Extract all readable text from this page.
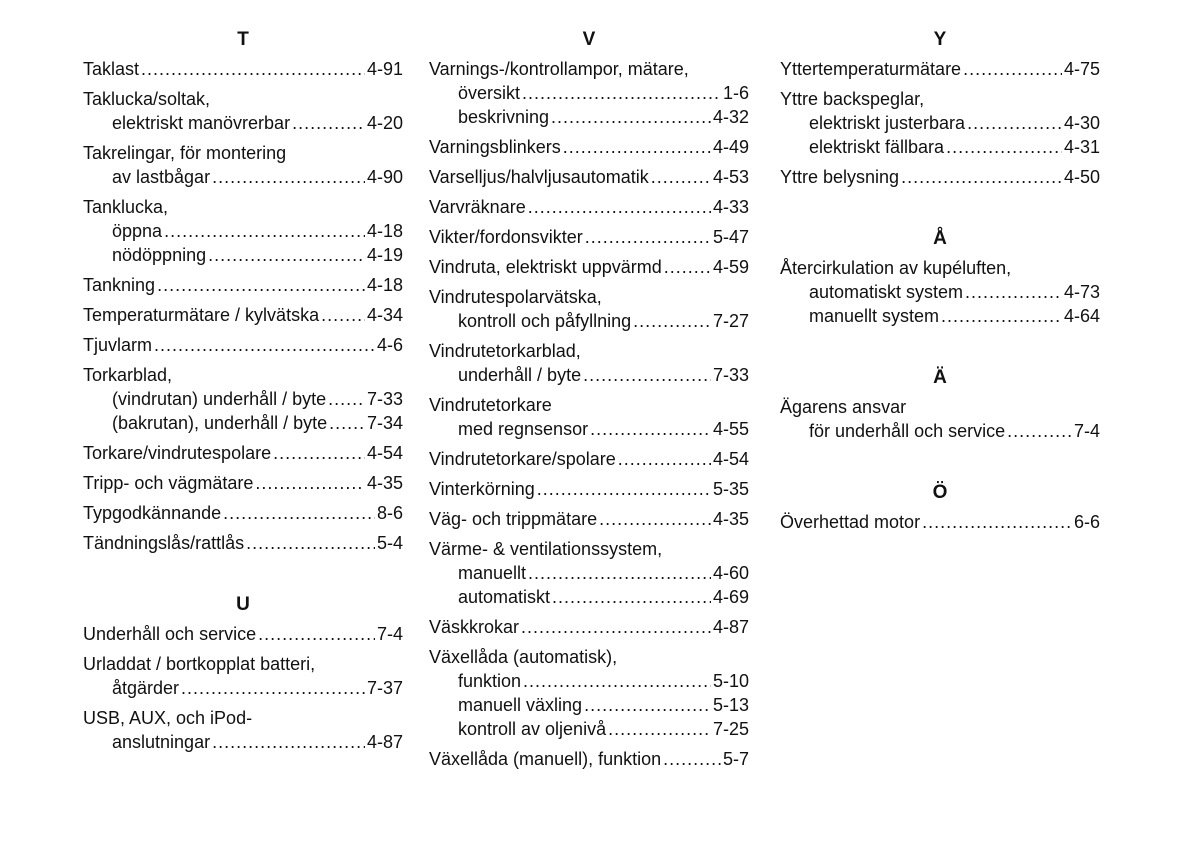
T
Taklast .....	4-91
Taklucka/soltak,
elektriskt manövrerbar .....	4-20
Takrelingar, för montering
av lastbågar .....	4-90
Tanklucka,
öppna .....	4-18
nödöppning .....	4-19
Tankning .....	4-18
Temperaturmätare / kylvätska .....	4-34
Tjuvlarm .....	4-6
Torkarblad,
(vindrutan) underhåll / byte ..... 7-33
(bakrutan), underhåll / byte ..... 7-34
Torkare/vindrutespolare .....	4-54
Tripp- och vägmätare .....	4-35
Typgodkännande .....	8-6
Tändningslås/rattlås .....	5-4
U
Underhåll och service .....	7-4
Urladdat / bortkopplat batteri,
åtgärder .....	7-37
USB, AUX, och iPod-
anslutningar .....	4-87
V
Varnings-/kontrollampor, mätare,
översikt .....	1-6
beskrivning .....	4-32
Varningsblinkers .....	4-49
Varselljus/halvljusautomatik .....	4-53
Varvräknare .....	4-33
Vikter/fordonsvikter .....	5-47
Vindruta, elektriskt uppvärmd .....	4-59
Vindrutespolarvätska,
kontroll och påfyllning .....	7-27
Vindrutetorkarblad,
underhåll / byte .....	7-33
Vindrutetorkare
med regnsensor .....	4-55
Vindrutetorkare/spolare .....	4-54
Vinterkörning .....	5-35
Väg- och trippmätare .....	4-35
Värme- & ventilationssystem,
manuellt .....	4-60
automatiskt .....	4-69
Väskkrokar .....	4-87
Växellåda (automatisk),
funktion .....	5-10
manuell växling .....	5-13
kontroll av oljenivå .....	7-25
Växellåda (manuell), funktion .....	5-7
Y
Yttertemperaturmätare .....	4-75
Yttre backspeglar,
elektriskt justerbara .....	4-30
elektriskt fällbara .....	4-31
Yttre belysning .....	4-50
Å
Återcirkulation av kupéluften,
automatiskt system .....	4-73
manuellt system .....	4-64
Ä
Ägarens ansvar
för underhåll och service .....	7-4
Ö
Överhettad motor .....	6-6
